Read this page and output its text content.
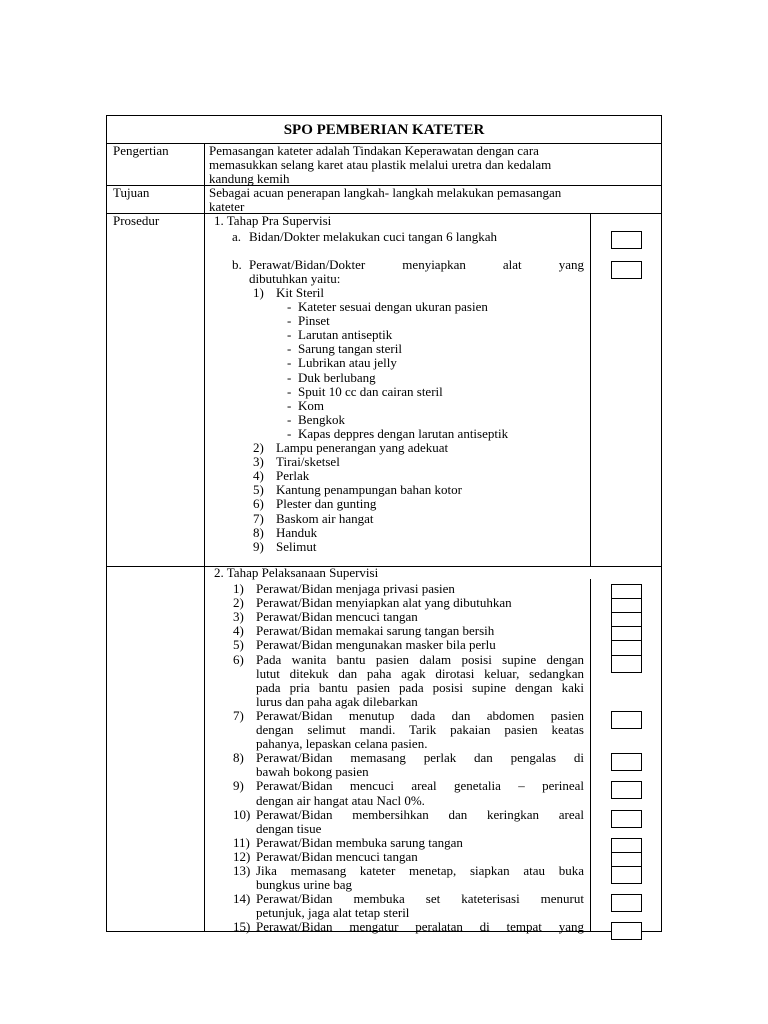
SPO PEMBERIAN KATETER
Pengertian	Pemasangan kateter adalah Tindakan Keperawatan dengan cara
memasukkan selang karet atau plastik melalui uretra dan kedalam
kandung kemih
Tujuan	Sebagai acuan penerapan langkah- langkah melakukan pemasangan
kateter
Prosedur	1. Tahap Pra Supervisi
a. Bidan/Dokter melakukan cuci tangan 6 langkah
b. Perawat/Bidan/Dokter menyiapkan alat yang
dibutuhkan yaitu:
1) Kit Steril
- Kateter sesuai dengan ukuran pasien
- Pinset
- Larutan antiseptik
- Sarung tangan steril
- Lubrikan atau jelly
- Duk berlubang
- Spuit 10 cc dan cairan steril
- Kom
- Bengkok
- Kapas deppres dengan larutan antiseptik
2) Lampu penerangan yang adekuat
3) Tirai/sketsel
4) Perlak
5) Kantung penampungan bahan kotor
6) Plester dan gunting
7) Baskom air hangat
8) Handuk
9) Selimut
2. Tahap Pelaksanaan Supervisi
1) Perawat/Bidan menjaga privasi pasien
2) Perawat/Bidan menyiapkan alat yang dibutuhkan
3) Perawat/Bidan mencuci tangan
4) Perawat/Bidan memakai sarung tangan bersih
5) Perawat/Bidan mengunakan masker bila perlu
6) Pada wanita bantu pasien dalam posisi supine dengan
lutut ditekuk dan paha agak dirotasi keluar, sedangkan
pada pria bantu pasien pada posisi supine dengan kaki
lurus dan paha agak dilebarkan
7) Perawat/Bidan menutup dada dan abdomen pasien
dengan selimut mandi. Tarik pakaian pasien keatas
pahanya, lepaskan celana pasien.
8) Perawat/Bidan memasang perlak dan pengalas di
bawah bokong pasien
9) Perawat/Bidan mencuci areal genetalia – perineal
dengan air hangat atau Nacl 0%.
10) Perawat/Bidan membersihkan dan keringkan areal
dengan tisue
11) Perawat/Bidan membuka sarung tangan
12) Perawat/Bidan mencuci tangan
13) Jika memasang kateter menetap, siapkan atau buka
bungkus urine bag
14) Perawat/Bidan membuka set kateterisasi menurut
petunjuk, jaga alat tetap steril
15) Perawat/Bidan mengatur peralatan di tempat yang
